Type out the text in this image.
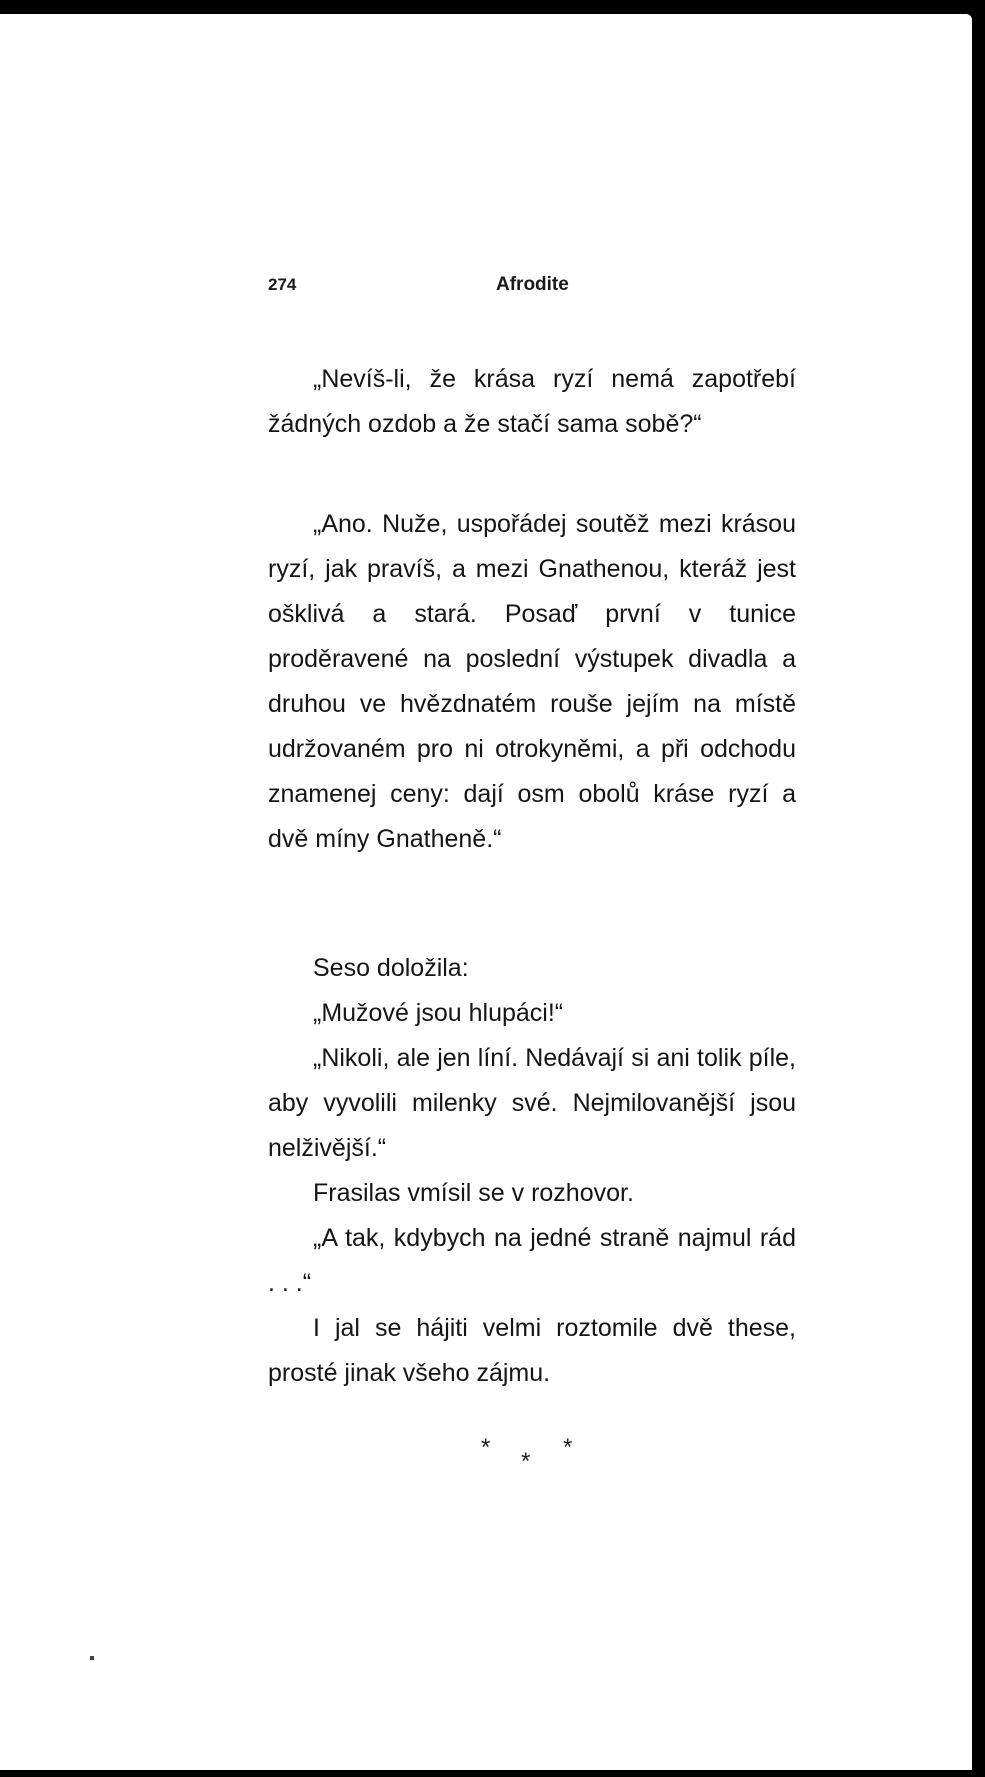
274	Afrodite

„Nevíš-li, že krása ryzí nemá zapotřebí žádných ozdob a že stačí sama sobě?“

„Ano. Nuže, uspořádej soutěž mezi krásou ryzí, jak pravíš, a mezi Gnathenou, kteráž jest ošklivá a stará. Posaď první v tunice proděravené na poslední výstupek divadla a druhou ve hvězdnatém rouše jejím na místě udržovaném pro ni otrokyněmi, a při odchodu znamenej ceny: dají osm obolů kráse ryzí a dvě míny Gnatheně.“

Seso doložila:

„Mužové jsou hlupáci!“

„Nikoli, ale jen líní. Nedávají si ani tolik píle, aby vyvolili milenky své. Nejmilovanější jsou nelživější.“

Frasilas vmísil se v rozhovor.

„A tak, kdybych na jedné straně najmul rád . . .“

I jal se hájiti velmi roztomile dvě these, prosté jinak všeho zájmu.

*
*
*
